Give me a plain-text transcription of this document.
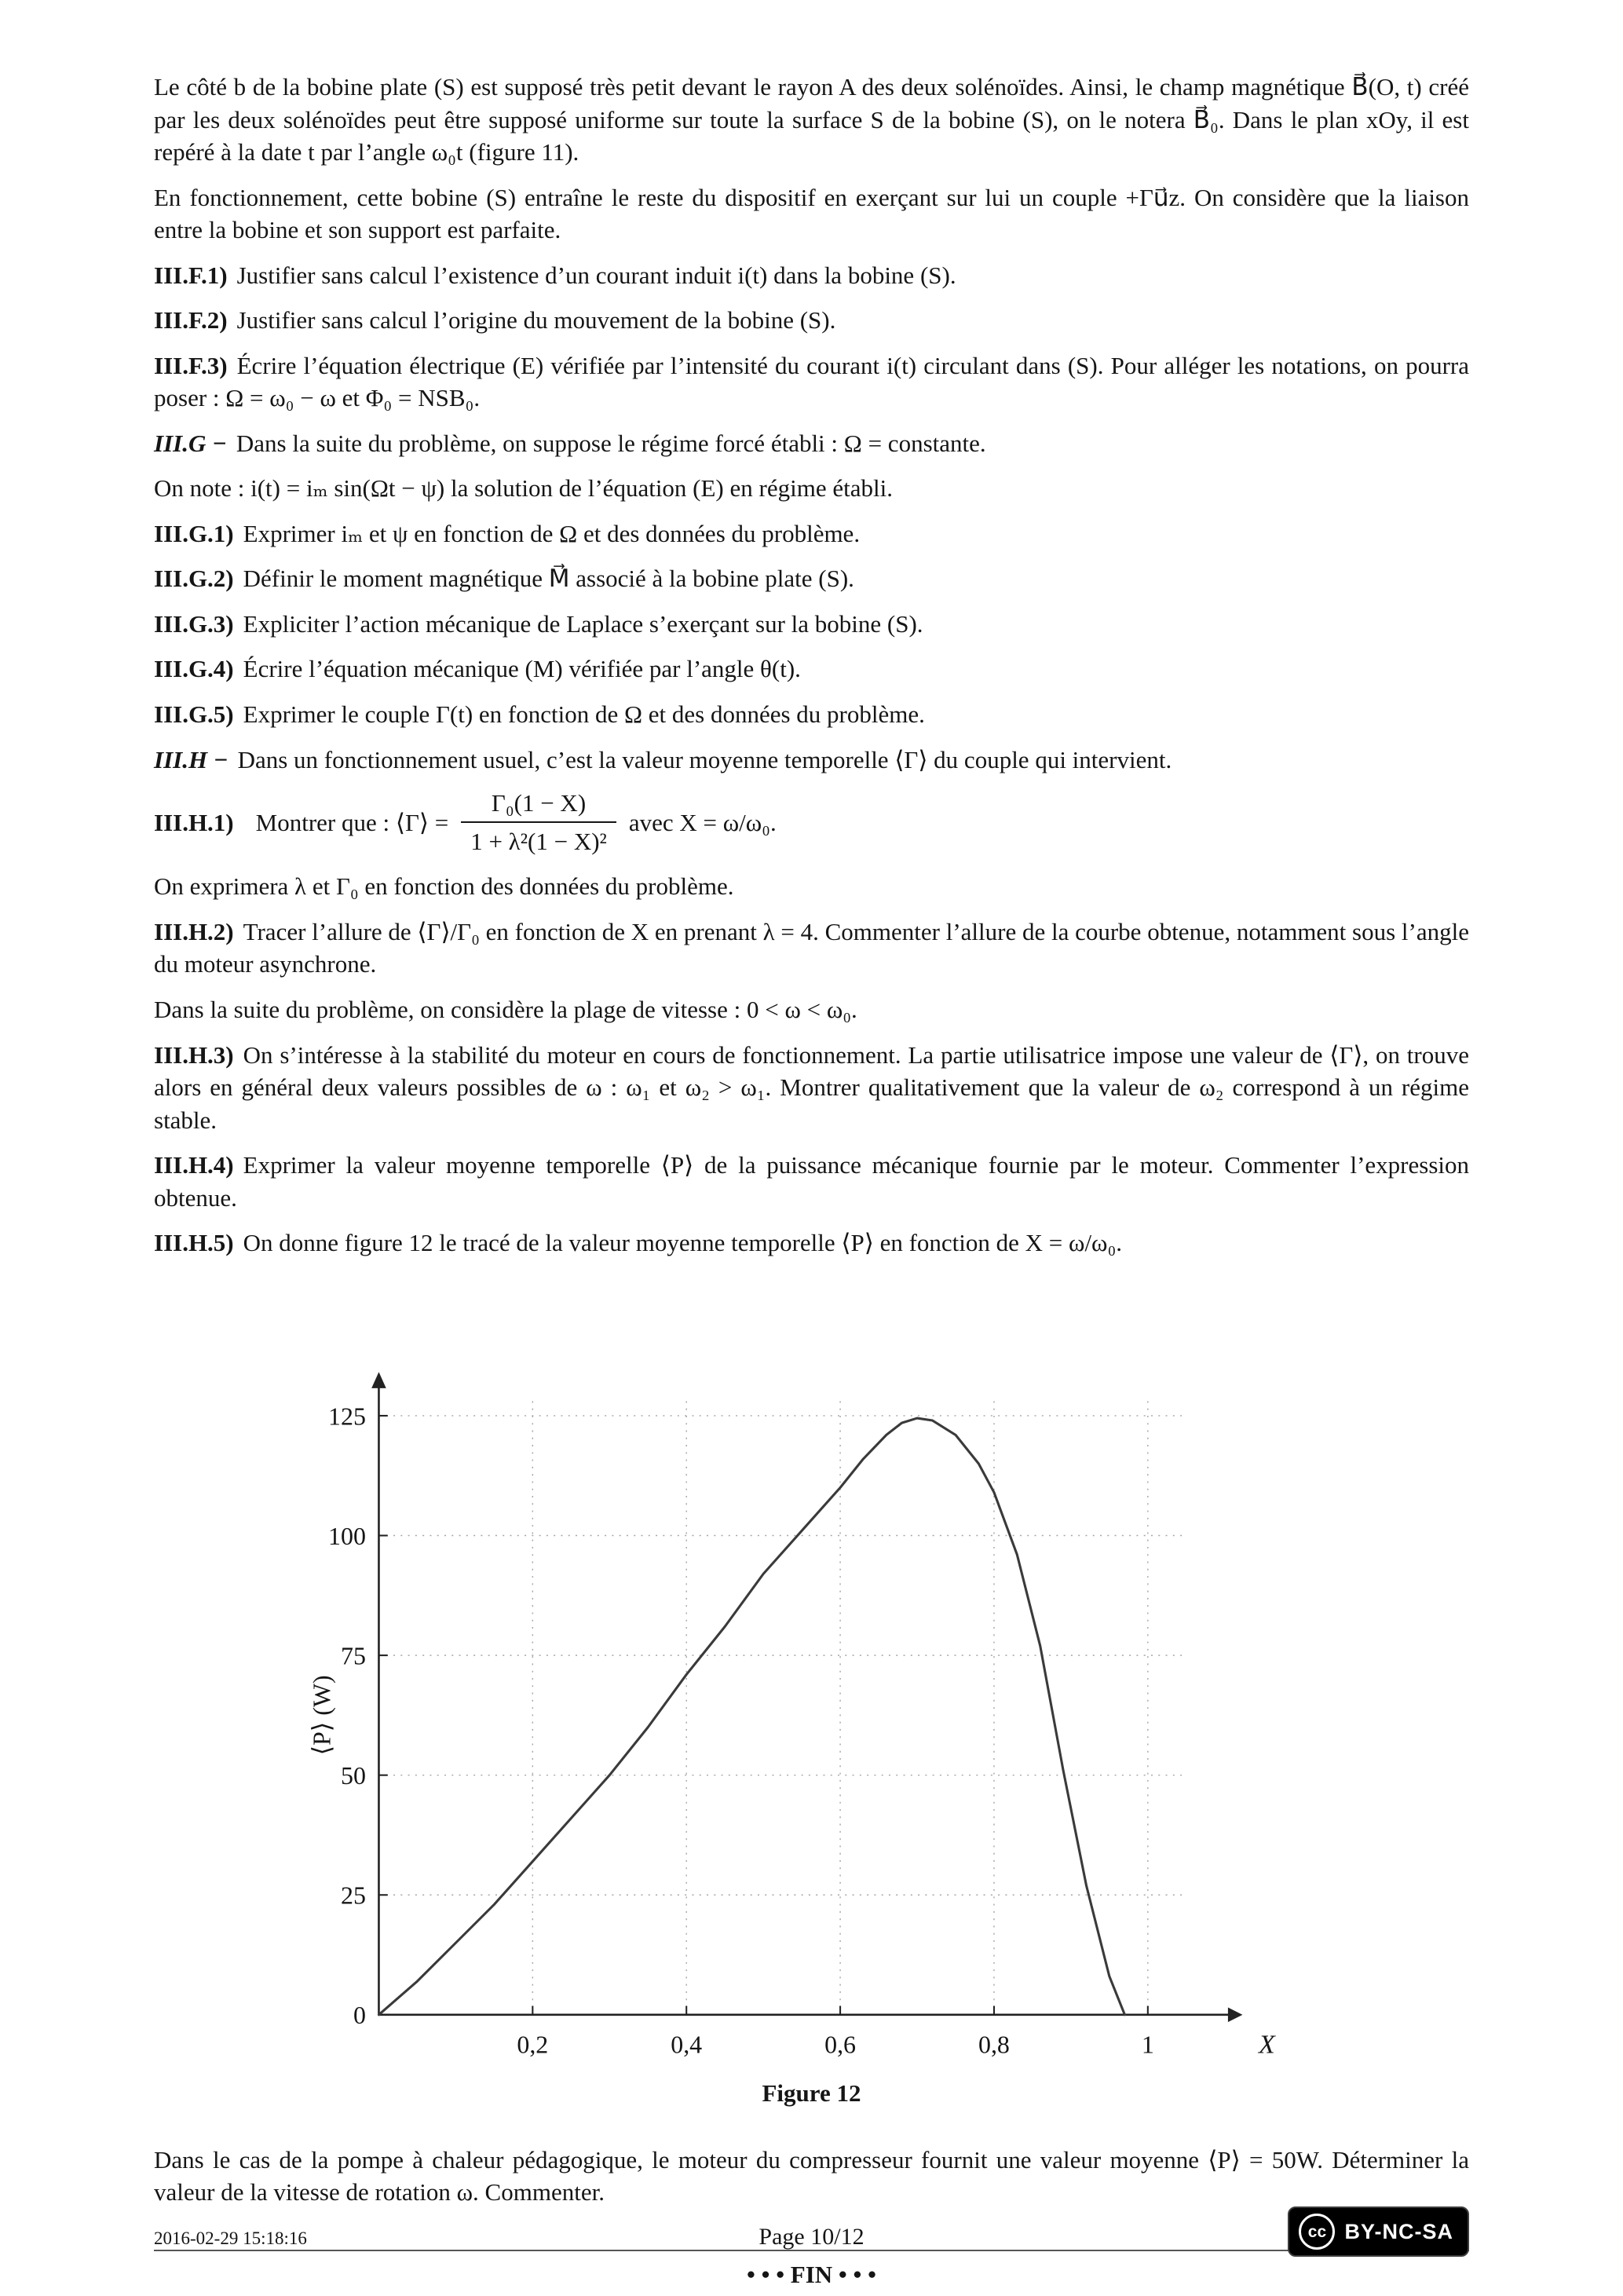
Le côté b de la bobine plate (S) est supposé très petit devant le rayon A des deux solénoïdes. Ainsi, le champ magnétique B⃗(O, t) créé par les deux solénoïdes peut être supposé uniforme sur toute la surface S de la bobine (S), on le notera B⃗₀. Dans le plan xOy, il est repéré à la date t par l’angle ω₀t (figure 11).

En fonctionnement, cette bobine (S) entraîne le reste du dispositif en exerçant sur lui un couple +Γu⃗z. On considère que la liaison entre la bobine et son support est parfaite.

III.F.1) Justifier sans calcul l’existence d’un courant induit i(t) dans la bobine (S).

III.F.2) Justifier sans calcul l’origine du mouvement de la bobine (S).

III.F.3) Écrire l’équation électrique (E) vérifiée par l’intensité du courant i(t) circulant dans (S). Pour alléger les notations, on pourra poser : Ω = ω₀ − ω et Φ₀ = NSB₀.

III.G − Dans la suite du problème, on suppose le régime forcé établi : Ω = constante.

On note : i(t) = iₘ sin(Ωt − ψ) la solution de l’équation (E) en régime établi.

III.G.1) Exprimer iₘ et ψ en fonction de Ω et des données du problème.

III.G.2) Définir le moment magnétique M⃗ associé à la bobine plate (S).

III.G.3) Expliciter l’action mécanique de Laplace s’exerçant sur la bobine (S).

III.G.4) Écrire l’équation mécanique (M) vérifiée par l’angle θ(t).

III.G.5) Exprimer le couple Γ(t) en fonction de Ω et des données du problème.

III.H − Dans un fonctionnement usuel, c’est la valeur moyenne temporelle ⟨Γ⟩ du couple qui intervient.

III.H.1) Montrer que : ⟨Γ⟩ = $\frac{\text{Γ₀(1 − X)}}{\text{1 + λ²(1 − X)²}}$ avec X = ω/ω₀.

On exprimera λ et Γ₀ en fonction des données du problème.

III.H.2) Tracer l’allure de ⟨Γ⟩/Γ₀ en fonction de X en prenant λ = 4. Commenter l’allure de la courbe obtenue, notamment sous l’angle du moteur asynchrone.

Dans la suite du problème, on considère la plage de vitesse : 0 < ω < ω₀.

III.H.3) On s’intéresse à la stabilité du moteur en cours de fonctionnement. La partie utilisatrice impose une valeur de ⟨Γ⟩, on trouve alors en général deux valeurs possibles de ω : ω₁ et ω₂ > ω₁. Montrer qualitativement que la valeur de ω₂ correspond à un régime stable.

III.H.4) Exprimer la valeur moyenne temporelle ⟨P⟩ de la puissance mécanique fournie par le moteur. Commenter l’expression obtenue.

III.H.5) On donne figure 12 le tracé de la valeur moyenne temporelle ⟨P⟩ en fonction de X = ω/ω₀.

0
25
50
75
100
125
0,2	0,4	0,6	0,8	1	X
⟨P⟩ (W)
Figure 12

Dans le cas de la pompe à chaleur pédagogique, le moteur du compresseur fournit une valeur moyenne ⟨P⟩ = 50W. Déterminer la valeur de la vitesse de rotation ω. Commenter.

• • • FIN • • •
2016-02-29 15:18:16	Page 10/12	cc BY-NC-SA
